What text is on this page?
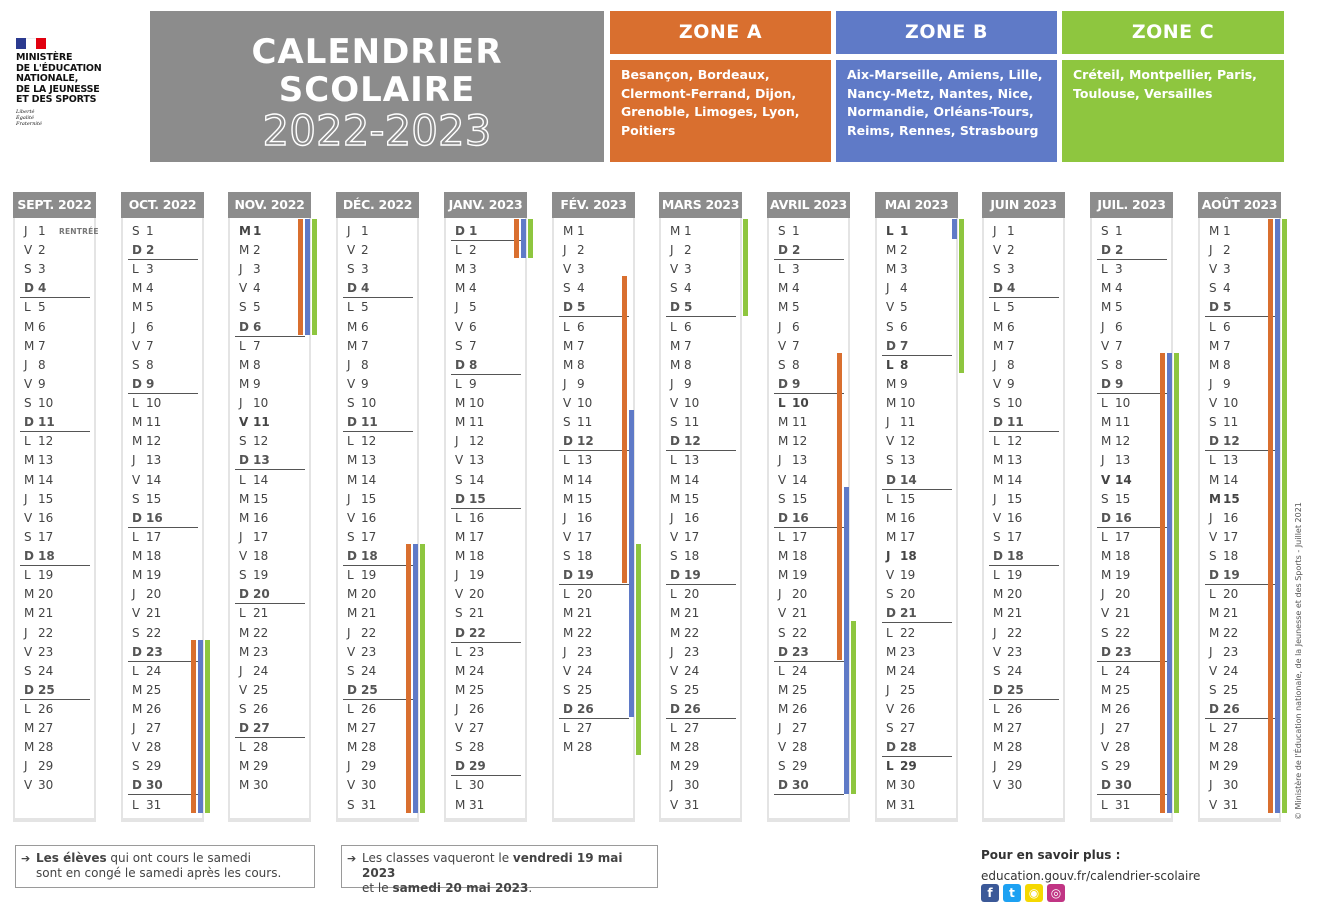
MINISTÈRE
DE L'ÉDUCATION
NATIONALE,
DE LA JEUNESSE
ET DES SPORTS
Liberté
Égalité
Fraternité
CALENDRIER
SCOLAIRE
2022-2023
ZONE A
Besançon, Bordeaux, Clermont-Ferrand, Dijon, Grenoble, Limoges, Lyon, Poitiers
ZONE B
Aix-Marseille, Amiens, Lille, Nancy-Metz, Nantes, Nice, Normandie, Orléans-Tours, Reims, Rennes, Strasbourg
ZONE C
Créteil, Montpellier, Paris, Toulouse, Versailles
SEPT. 2022
J 1 RENTRÉE
V 2
S 3
D 4
L 5
M 6
M 7
J 8
V 9
S 10
D 11
L 12
M 13
M 14
J 15
V 16
S 17
D 18
L 19
M 20
M 21
J 22
V 23
S 24
D 25
L 26
M 27
M 28
J 29
V 30
OCT. 2022
S 1
D 2
L 3
M 4
M 5
J 6
V 7
S 8
D 9
L 10
M 11
M 12
J 13
V 14
S 15
D 16
L 17
M 18
M 19
J 20
V 21
S 22
D 23
L 24
M 25
M 26
J 27
V 28
S 29
D 30
L 31
NOV. 2022
M 1
M 2
J 3
V 4
S 5
D 6
L 7
M 8
M 9
J 10
V 11
S 12
D 13
L 14
M 15
M 16
J 17
V 18
S 19
D 20
L 21
M 22
M 23
J 24
V 25
S 26
D 27
L 28
M 29
M 30
DÉC. 2022
J 1
V 2
S 3
D 4
L 5
M 6
M 7
J 8
V 9
S 10
D 11
L 12
M 13
M 14
J 15
V 16
S 17
D 18
L 19
M 20
M 21
J 22
V 23
S 24
D 25
L 26
M 27
M 28
J 29
V 30
S 31
JANV. 2023
D 1
L 2
M 3
M 4
J 5
V 6
S 7
D 8
L 9
M 10
M 11
J 12
V 13
S 14
D 15
L 16
M 17
M 18
J 19
V 20
S 21
D 22
L 23
M 24
M 25
J 26
V 27
S 28
D 29
L 30
M 31
FÉV. 2023
M 1
J 2
V 3
S 4
D 5
L 6
M 7
M 8
J 9
V 10
S 11
D 12
L 13
M 14
M 15
J 16
V 17
S 18
D 19
L 20
M 21
M 22
J 23
V 24
S 25
D 26
L 27
M 28
MARS 2023
M 1
J 2
V 3
S 4
D 5
L 6
M 7
M 8
J 9
V 10
S 11
D 12
L 13
M 14
M 15
J 16
V 17
S 18
D 19
L 20
M 21
M 22
J 23
V 24
S 25
D 26
L 27
M 28
M 29
J 30
V 31
AVRIL 2023
S 1
D 2
L 3
M 4
M 5
J 6
V 7
S 8
D 9
L 10
M 11
M 12
J 13
V 14
S 15
D 16
L 17
M 18
M 19
J 20
V 21
S 22
D 23
L 24
M 25
M 26
J 27
V 28
S 29
D 30
MAI 2023
L 1
M 2
M 3
J 4
V 5
S 6
D 7
L 8
M 9
M 10
J 11
V 12
S 13
D 14
L 15
M 16
M 17
J 18
V 19
S 20
D 21
L 22
M 23
M 24
J 25
V 26
S 27
D 28
L 29
M 30
M 31
JUIN 2023
J 1
V 2
S 3
D 4
L 5
M 6
M 7
J 8
V 9
S 10
D 11
L 12
M 13
M 14
J 15
V 16
S 17
D 18
L 19
M 20
M 21
J 22
V 23
S 24
D 25
L 26
M 27
M 28
J 29
V 30
JUIL. 2023
S 1
D 2
L 3
M 4
M 5
J 6
V 7
S 8
D 9
L 10
M 11
M 12
J 13
V 14
S 15
D 16
L 17
M 18
M 19
J 20
V 21
S 22
D 23
L 24
M 25
M 26
J 27
V 28
S 29
D 30
L 31
AOÛT 2023
M 1
J 2
V 3
S 4
D 5
L 6
M 7
M 8
J 9
V 10
S 11
D 12
L 13
M 14
M 15
J 16
V 17
S 18
D 19
L 20
M 21
M 22
J 23
V 24
S 25
D 26
L 27
M 28
M 29
J 30
V 31
➔ Les élèves qui ont cours le samedi
sont en congé le samedi après les cours.
➔ Les classes vaqueront le vendredi 19 mai 2023
et le samedi 20 mai 2023.
Pour en savoir plus :
education.gouv.fr/calendrier-scolaire
f	t	◉ ◎
© Ministère de l'Éducation nationale, de la Jeunesse et des Sports - Juillet 2021
